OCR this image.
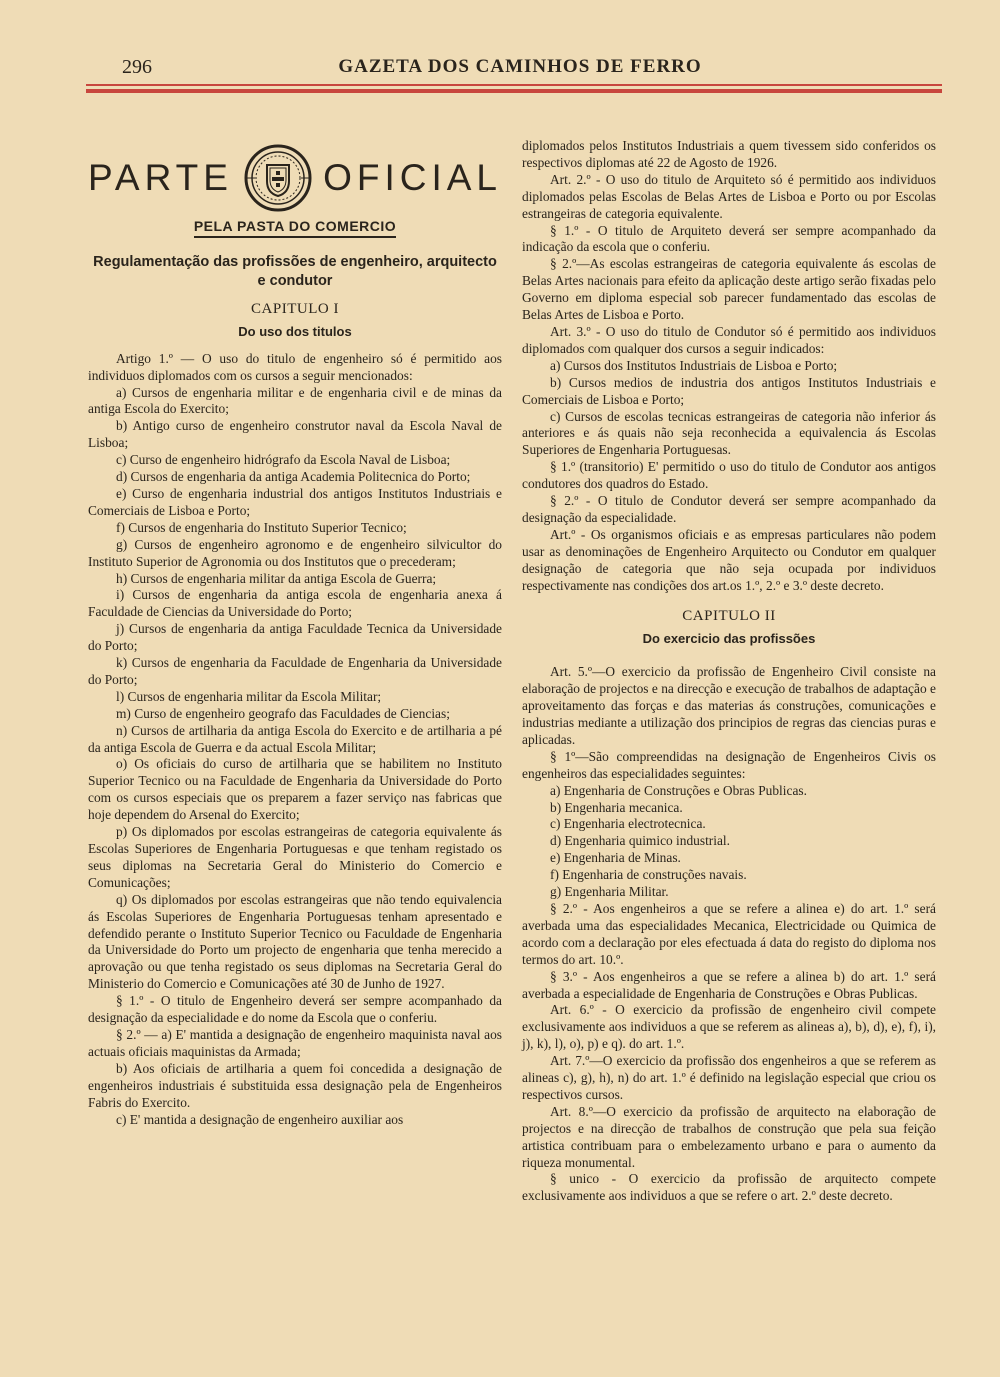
296	GAZETA DOS CAMINHOS DE FERRO
PARTE OFICIAL
PELA PASTA DO COMERCIO
Regulamentação das profissões de engenheiro, arquitecto e condutor
CAPITULO I
Do uso dos titulos

Artigo 1.º — O uso do titulo de engenheiro só é permitido aos individuos diplomados com os cursos a seguir mencionados:

a) Cursos de engenharia militar e de engenharia civil e de minas da antiga Escola do Exercito;

b) Antigo curso de engenheiro construtor naval da Escola Naval de Lisboa;

c) Curso de engenheiro hidrógrafo da Escola Naval de Lisboa;

d) Cursos de engenharia da antiga Academia Politecnica do Porto;

e) Curso de engenharia industrial dos antigos Institutos Industriais e Comerciais de Lisboa e Porto;

f) Cursos de engenharia do Instituto Superior Tecnico;

g) Cursos de engenheiro agronomo e de engenheiro silvicultor do Instituto Superior de Agronomia ou dos Institutos que o precederam;

h) Cursos de engenharia militar da antiga Escola de Guerra;

i) Cursos de engenharia da antiga escola de engenharia anexa á Faculdade de Ciencias da Universidade do Porto;

j) Cursos de engenharia da antiga Faculdade Tecnica da Universidade do Porto;

k) Cursos de engenharia da Faculdade de Engenharia da Universidade do Porto;

l) Cursos de engenharia militar da Escola Militar;

m) Curso de engenheiro geografo das Faculdades de Ciencias;

n) Cursos de artilharia da antiga Escola do Exercito e de artilharia a pé da antiga Escola de Guerra e da actual Escola Militar;

o) Os oficiais do curso de artilharia que se habilitem no Instituto Superior Tecnico ou na Faculdade de Engenharia da Universidade do Porto com os cursos especiais que os preparem a fazer serviço nas fabricas que hoje dependem do Arsenal do Exercito;

p) Os diplomados por escolas estrangeiras de categoria equivalente ás Escolas Superiores de Engenharia Portuguesas e que tenham registado os seus diplomas na Secretaria Geral do Ministerio do Comercio e Comunicações;

q) Os diplomados por escolas estrangeiras que não tendo equivalencia ás Escolas Superiores de Engenharia Portuguesas tenham apresentado e defendido perante o Instituto Superior Tecnico ou Faculdade de Engenharia da Universidade do Porto um projecto de engenharia que tenha merecido a aprovação ou que tenha registado os seus diplomas na Secretaria Geral do Ministerio do Comercio e Comunicações até 30 de Junho de 1927.

§ 1.º - O titulo de Engenheiro deverá ser sempre acompanhado da designação da especialidade e do nome da Escola que o conferiu.

§ 2.º — a) E' mantida a designação de engenheiro maquinista naval aos actuais oficiais maquinistas da Armada;

b) Aos oficiais de artilharia a quem foi concedida a designação de engenheiros industriais é substituida essa designação pela de Engenheiros Fabris do Exercito.

c) E' mantida a designação de engenheiro auxiliar aos

diplomados pelos Institutos Industriais a quem tivessem sido conferidos os respectivos diplomas até 22 de Agosto de 1926.

Art. 2.º - O uso do titulo de Arquiteto só é permitido aos individuos diplomados pelas Escolas de Belas Artes de Lisboa e Porto ou por Escolas estrangeiras de categoria equivalente.

§ 1.º - O titulo de Arquiteto deverá ser sempre acompanhado da indicação da escola que o conferiu.

§ 2.º—As escolas estrangeiras de categoria equivalente ás escolas de Belas Artes nacionais para efeito da aplicação deste artigo serão fixadas pelo Governo em diploma especial sob parecer fundamentado das escolas de Belas Artes de Lisboa e Porto.

Art. 3.º - O uso do titulo de Condutor só é permitido aos individuos diplomados com qualquer dos cursos a seguir indicados:

a) Cursos dos Institutos Industriais de Lisboa e Porto;

b) Cursos medios de industria dos antigos Institutos Industriais e Comerciais de Lisboa e Porto;

c) Cursos de escolas tecnicas estrangeiras de categoria não inferior ás anteriores e ás quais não seja reconhecida a equivalencia ás Escolas Superiores de Engenharia Portuguesas.

§ 1.º (transitorio) E' permitido o uso do titulo de Condutor aos antigos condutores dos quadros do Estado.

§ 2.º - O titulo de Condutor deverá ser sempre acompanhado da designação da especialidade.

Art.º - Os organismos oficiais e as empresas particulares não podem usar as denominações de Engenheiro Arquitecto ou Condutor em qualquer designação de categoria que não seja ocupada por individuos respectivamente nas condições dos art.os 1.º, 2.º e 3.º deste decreto.

CAPITULO II
Do exercicio das profissões

Art. 5.º—O exercicio da profissão de Engenheiro Civil consiste na elaboração de projectos e na direcção e execução de trabalhos de adaptação e aproveitamento das forças e das materias ás construções, comunicações e industrias mediante a utilização dos principios de regras das ciencias puras e aplicadas.

§ 1º—São compreendidas na designação de Engenheiros Civis os engenheiros das especialidades seguintes:

a) Engenharia de Construções e Obras Publicas.

b) Engenharia mecanica.

c) Engenharia electrotecnica.

d) Engenharia quimico industrial.

e) Engenharia de Minas.

f) Engenharia de construções navais.

g) Engenharia Militar.

§ 2.º - Aos engenheiros a que se refere a alinea e) do art. 1.º será averbada uma das especialidades Mecanica, Electricidade ou Quimica de acordo com a declaração por eles efectuada á data do registo do diploma nos termos do art. 10.º.

§ 3.º - Aos engenheiros a que se refere a alinea b) do art. 1.º será averbada a especialidade de Engenharia de Construções e Obras Publicas.

Art. 6.º - O exercicio da profissão de engenheiro civil compete exclusivamente aos individuos a que se referem as alineas a), b), d), e), f), i), j), k), l), o), p) e q). do art. 1.º.

Art. 7.º—O exercicio da profissão dos engenheiros a que se referem as alineas c), g), h), n) do art. 1.º é definido na legislação especial que criou os respectivos cursos.

Art. 8.º—O exercicio da profissão de arquitecto na elaboração de projectos e na direcção de trabalhos de construção que pela sua feição artistica contribuam para o embelezamento urbano e para o aumento da riqueza monumental.

§ unico - O exercicio da profissão de arquitecto compete exclusivamente aos individuos a que se refere o art. 2.º deste decreto.
